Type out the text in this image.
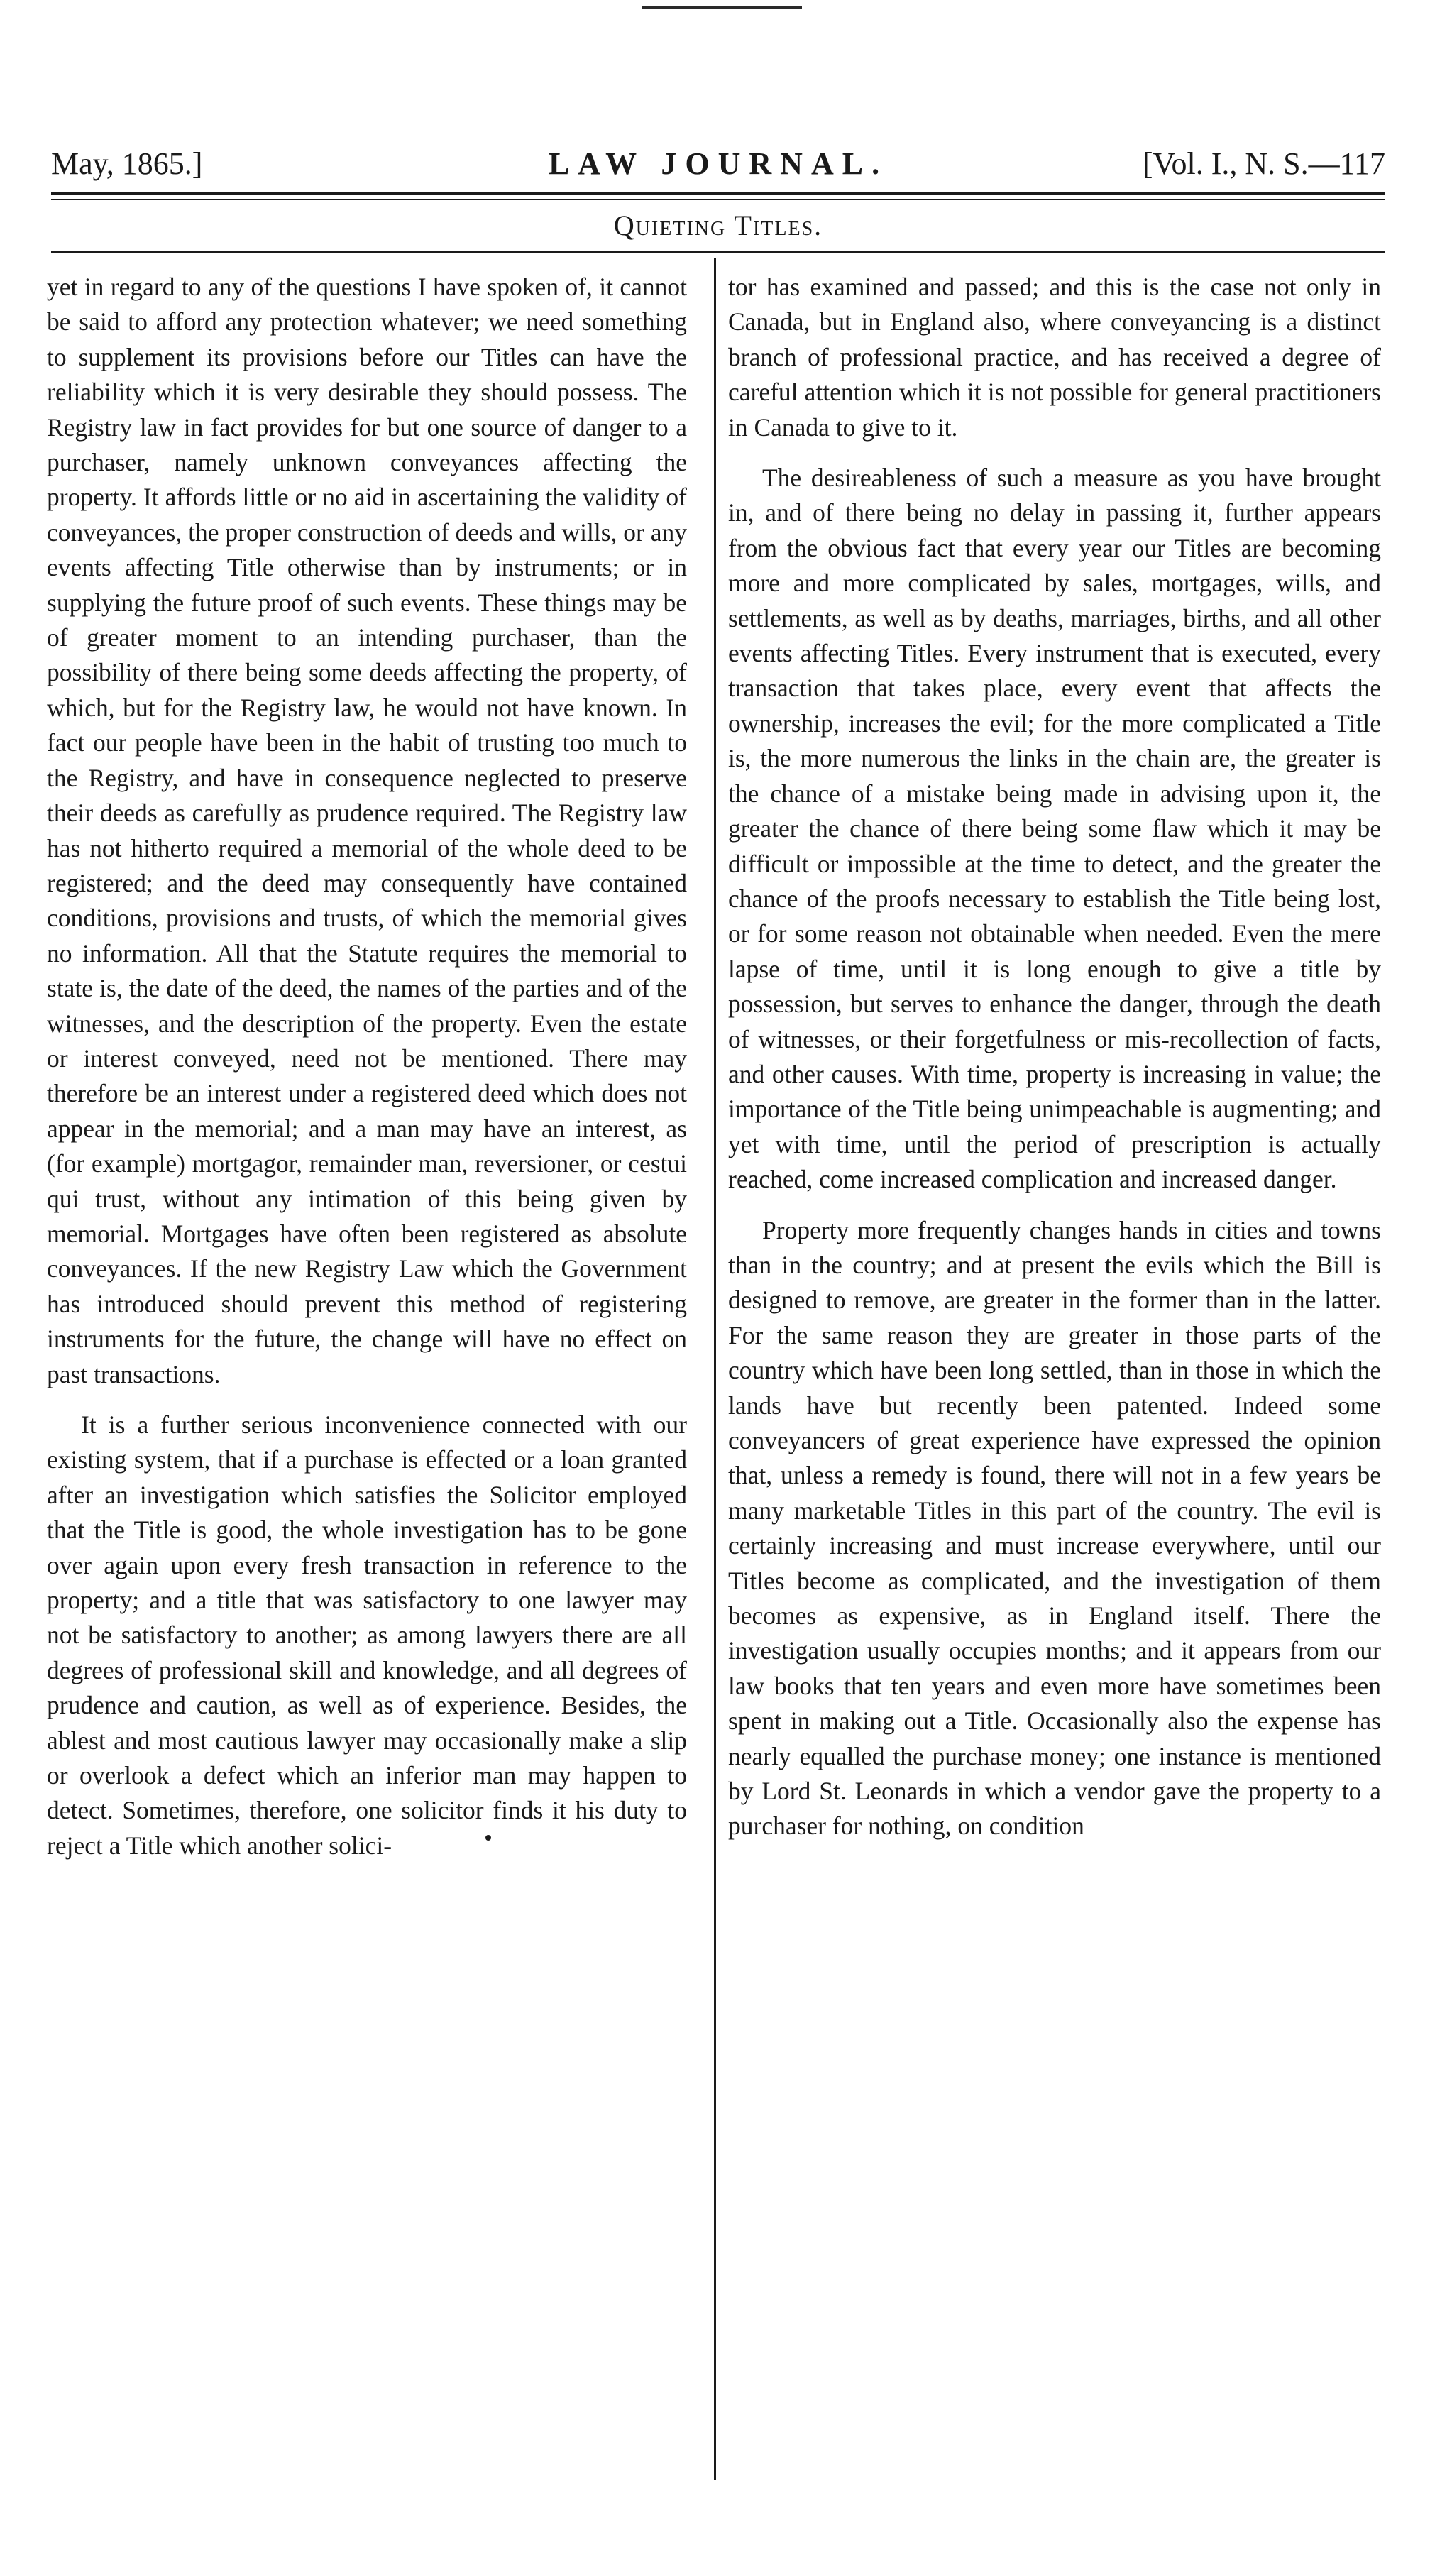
May, 1865.]	LAW JOURNAL.	[Vol. I., N. S.—117
Quieting Titles.

yet in regard to any of the questions I have spoken of, it cannot be said to afford any protection whatever; we need something to supplement its provisions before our Titles can have the reliability which it is very desirable they should possess. The Registry law in fact provides for but one source of danger to a purchaser, namely unknown conveyances affecting the property. It affords little or no aid in ascertaining the validity of conveyances, the proper construction of deeds and wills, or any events affecting Title otherwise than by instruments; or in supplying the future proof of such events. These things may be of greater moment to an intending purchaser, than the possibility of there being some deeds affecting the property, of which, but for the Registry law, he would not have known. In fact our people have been in the habit of trusting too much to the Registry, and have in consequence neglected to preserve their deeds as carefully as prudence required. The Registry law has not hitherto required a memorial of the whole deed to be registered; and the deed may consequently have contained conditions, provisions and trusts, of which the memorial gives no information. All that the Statute requires the memorial to state is, the date of the deed, the names of the parties and of the witnesses, and the description of the property. Even the estate or interest conveyed, need not be mentioned. There may therefore be an interest under a registered deed which does not appear in the memorial; and a man may have an interest, as (for example) mortgagor, remainder man, reversioner, or cestui qui trust, without any intimation of this being given by memorial. Mortgages have often been registered as absolute conveyances. If the new Registry Law which the Government has introduced should prevent this method of registering instruments for the future, the change will have no effect on past transactions.

It is a further serious inconvenience connected with our existing system, that if a purchase is effected or a loan granted after an investigation which satisfies the Solicitor employed that the Title is good, the whole investigation has to be gone over again upon every fresh transaction in reference to the property; and a title that was satisfactory to one lawyer may not be satisfactory to another; as among lawyers there are all degrees of professional skill and knowledge, and all degrees of prudence and caution, as well as of experience. Besides, the ablest and most cautious lawyer may occasionally make a slip or overlook a defect which an inferior man may happen to detect. Sometimes, therefore, one solicitor finds it his duty to reject a Title which another solici-

tor has examined and passed; and this is the case not only in Canada, but in England also, where conveyancing is a distinct branch of professional practice, and has received a degree of careful attention which it is not possible for general practitioners in Canada to give to it.

The desireableness of such a measure as you have brought in, and of there being no delay in passing it, further appears from the obvious fact that every year our Titles are becoming more and more complicated by sales, mortgages, wills, and settlements, as well as by deaths, marriages, births, and all other events affecting Titles. Every instrument that is executed, every transaction that takes place, every event that affects the ownership, increases the evil; for the more complicated a Title is, the more numerous the links in the chain are, the greater is the chance of a mistake being made in advising upon it, the greater the chance of there being some flaw which it may be difficult or impossible at the time to detect, and the greater the chance of the proofs necessary to establish the Title being lost, or for some reason not obtainable when needed. Even the mere lapse of time, until it is long enough to give a title by possession, but serves to enhance the danger, through the death of witnesses, or their forgetfulness or mis-recollection of facts, and other causes. With time, property is increasing in value; the importance of the Title being unimpeachable is augmenting; and yet with time, until the period of prescription is actually reached, come increased complication and increased danger.

Property more frequently changes hands in cities and towns than in the country; and at present the evils which the Bill is designed to remove, are greater in the former than in the latter. For the same reason they are greater in those parts of the country which have been long settled, than in those in which the lands have but recently been patented. Indeed some conveyancers of great experience have expressed the opinion that, unless a remedy is found, there will not in a few years be many marketable Titles in this part of the country. The evil is certainly increasing and must increase everywhere, until our Titles become as complicated, and the investigation of them becomes as expensive, as in England itself. There the investigation usually occupies months; and it appears from our law books that ten years and even more have sometimes been spent in making out a Title. Occasionally also the expense has nearly equalled the purchase money; one instance is mentioned by Lord St. Leonards in which a vendor gave the property to a purchaser for nothing, on condition
